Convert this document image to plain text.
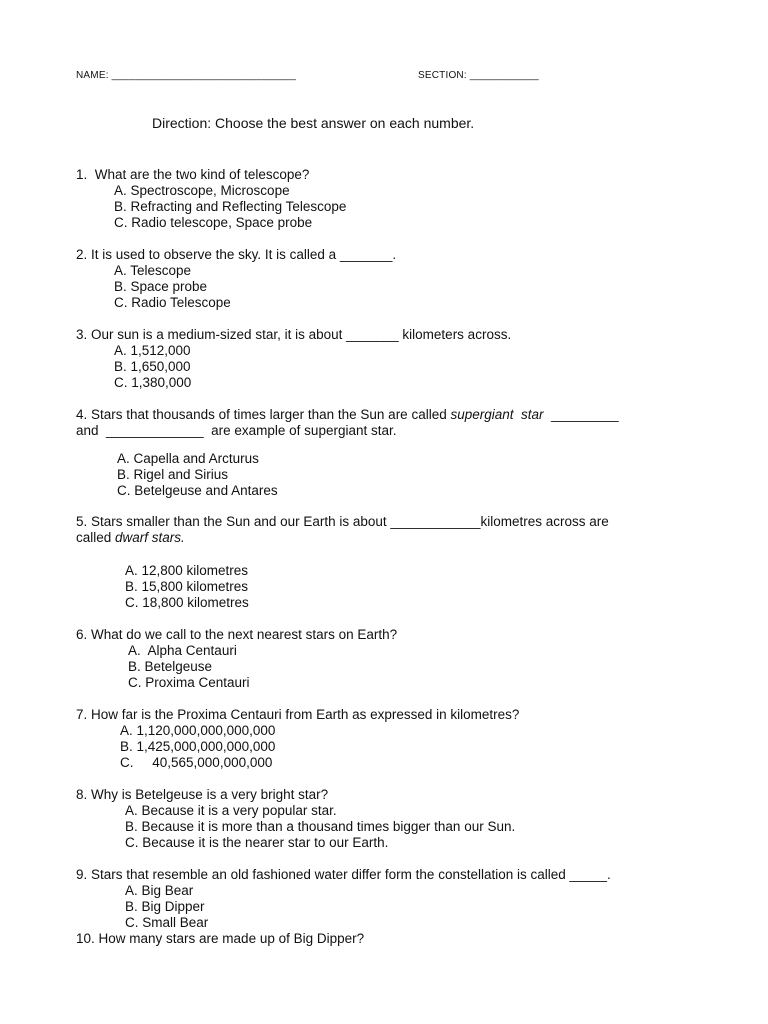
NAME: ________________________________	SECTION: ____________
Direction: Choose the best answer on each number.
1.  What are the two kind of telescope?
A. Spectroscope, Microscope
B. Refracting and Reflecting Telescope
C. Radio telescope, Space probe
2. It is used to observe the sky. It is called a _______.
A. Telescope
B. Space probe
C. Radio Telescope
3. Our sun is a medium-sized star, it is about _______ kilometers across.
A. 1,512,000
B. 1,650,000
C. 1,380,000
4. Stars that thousands of times larger than the Sun are called supergiant  star  _________
and  _____________  are example of supergiant star.
A. Capella and Arcturus
B. Rigel and Sirius
C. Betelgeuse and Antares
5. Stars smaller than the Sun and our Earth is about ____________kilometres across are
called dwarf stars.
A. 12,800 kilometres
B. 15,800 kilometres
C. 18,800 kilometres
6. What do we call to the next nearest stars on Earth?
A.  Alpha Centauri
B. Betelgeuse
C. Proxima Centauri
7. How far is the Proxima Centauri from Earth as expressed in kilometres?
A. 1,120,000,000,000,000
B. 1,425,000,000,000,000
C.     40,565,000,000,000
8. Why is Betelgeuse is a very bright star?
A. Because it is a very popular star.
B. Because it is more than a thousand times bigger than our Sun.
C. Because it is the nearer star to our Earth.
9. Stars that resemble an old fashioned water differ form the constellation is called _____.
A. Big Bear
B. Big Dipper
C. Small Bear
10. How many stars are made up of Big Dipper?
